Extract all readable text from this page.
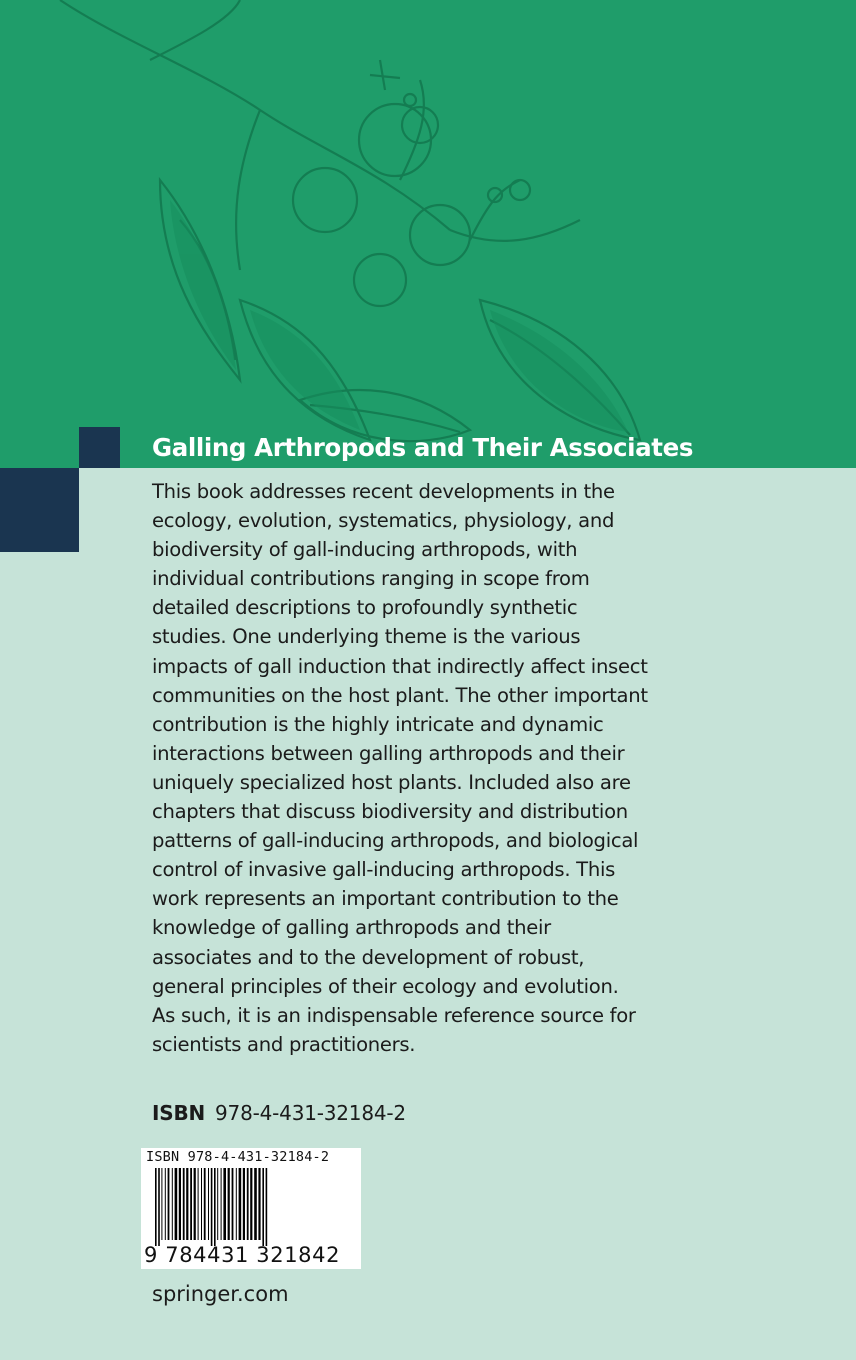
Galling Arthropods and Their Associates

This book addresses recent developments in the
ecology, evolution, systematics, physiology, and
biodiversity of gall-inducing arthropods, with
individual contributions ranging in scope from
detailed descriptions to profoundly synthetic
studies. One underlying theme is the various
impacts of gall induction that indirectly affect insect
communities on the host plant. The other important
contribution is the highly intricate and dynamic
interactions between galling arthropods and their
uniquely specialized host plants. Included also are
chapters that discuss biodiversity and distribution
patterns of gall-inducing arthropods, and biological
control of invasive gall-inducing arthropods. This
work represents an important contribution to the
knowledge of galling arthropods and their
associates and to the development of robust,
general principles of their ecology and evolution.
As such, it is an indispensable reference source for
scientists and practitioners.

ISBN 978-4-431-32184-2
ISBN 978-4-431-32184-2
9 784431 321842
springer.com
